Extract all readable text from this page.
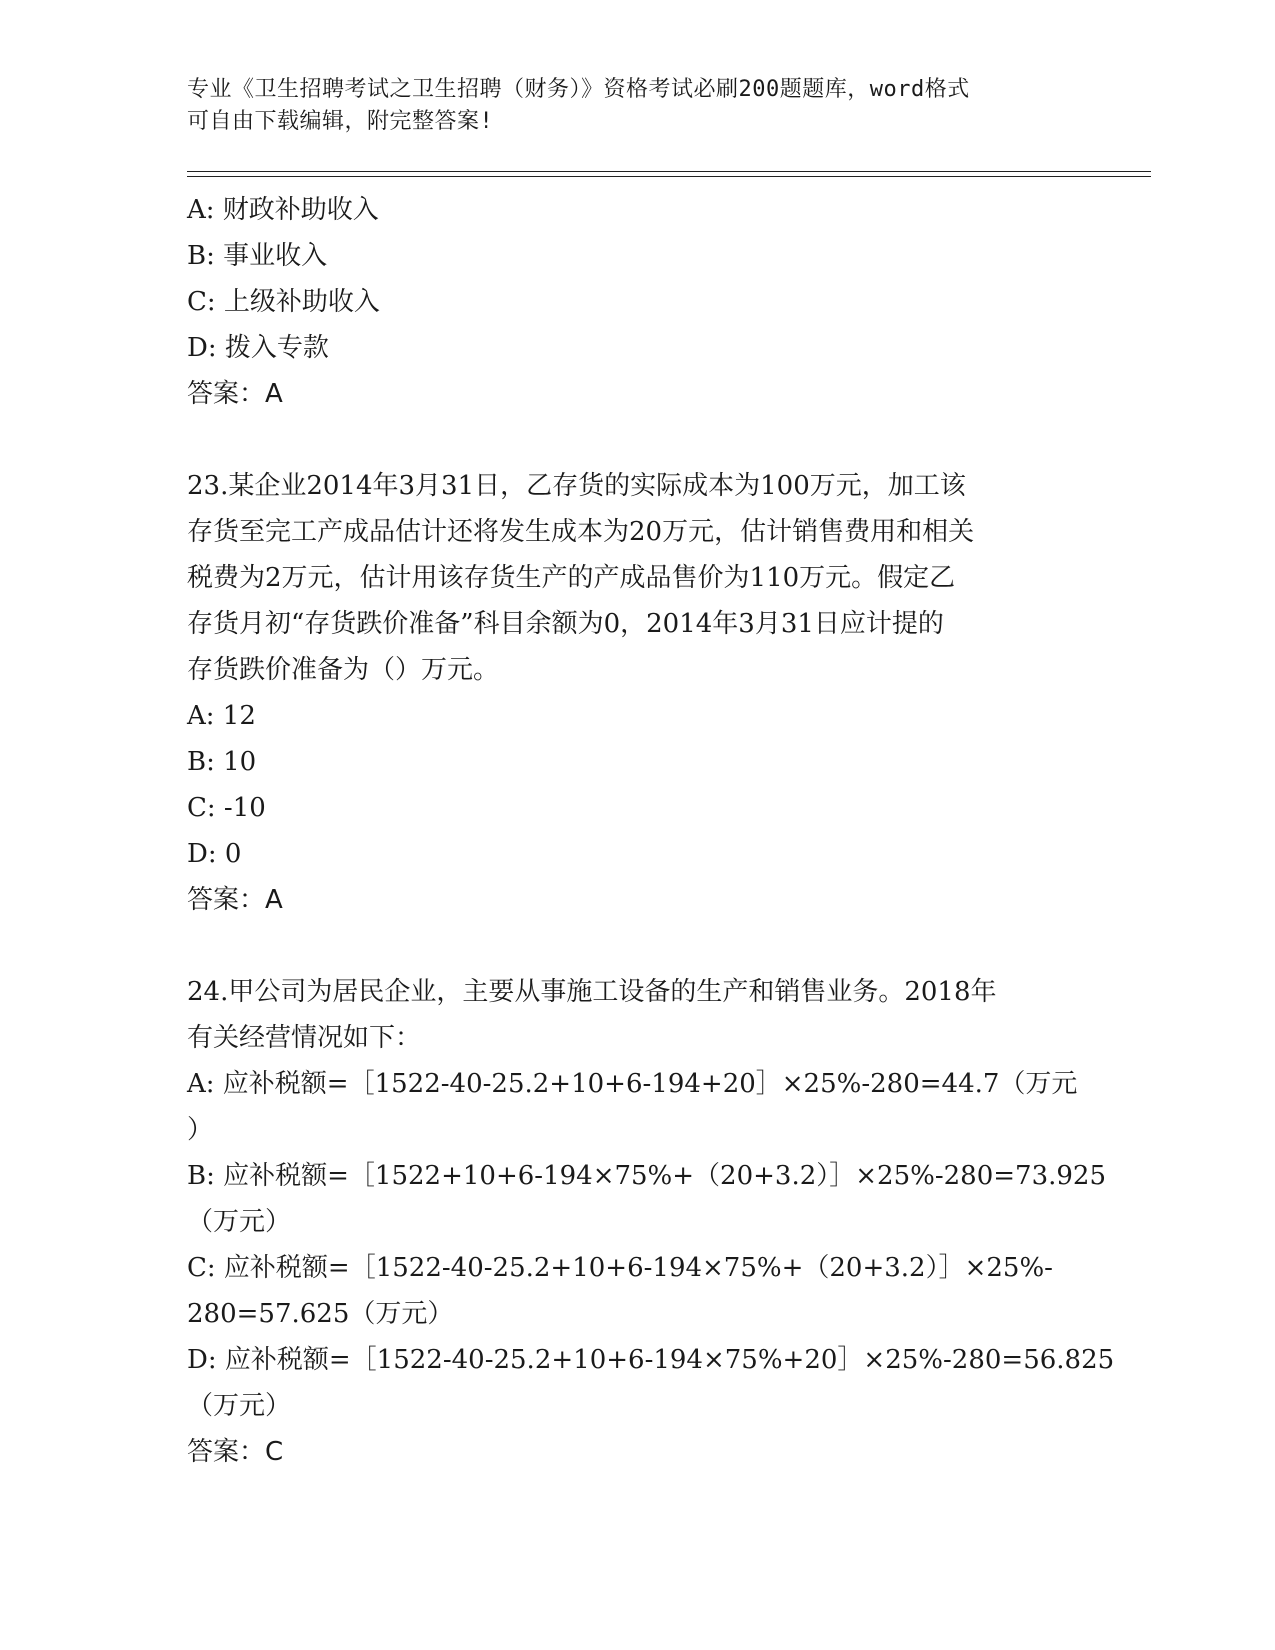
专业《卫生招聘考试之卫生招聘（财务）》资格考试必刷200题题库，word格式
可自由下载编辑，附完整答案!
A: 财政补助收入
B: 事业收入
C: 上级补助收入
D: 拨入专款
答案：A
23.某企业2014年3月31日，乙存货的实际成本为100万元，加工该
存货至完工产成品估计还将发生成本为20万元，估计销售费用和相关
税费为2万元，估计用该存货生产的产成品售价为110万元。假定乙
存货月初“存货跌价准备”科目余额为0，2014年3月31日应计提的
存货跌价准备为（）万元。
A: 12
B: 10
C: -10
D: 0
答案：A
24.甲公司为居民企业，主要从事施工设备的生产和销售业务。2018年
有关经营情况如下：
A: 应补税额=［1522-40-25.2+10+6-194+20］×25%-280=44.7（万元
）
B: 应补税额=［1522+10+6-194×75%+（20+3.2）］×25%-280=73.925
（万元）
C: 应补税额=［1522-40-25.2+10+6-194×75%+（20+3.2）］×25%-
280=57.625（万元）
D: 应补税额=［1522-40-25.2+10+6-194×75%+20］×25%-280=56.825
（万元）
答案：C
